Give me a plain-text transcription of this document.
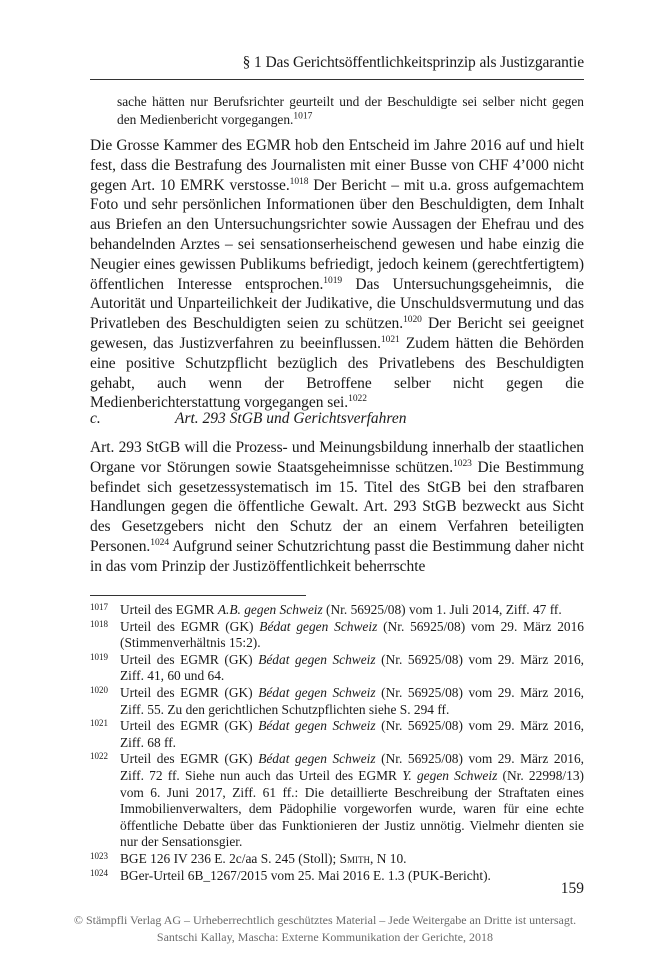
§ 1 Das Gerichtsöffentlichkeitsprinzip als Justizgarantie
sache hätten nur Berufsrichter geurteilt und der Beschuldigte sei selber nicht gegen den Medienbericht vorgegangen.$^{1017}$
Die Grosse Kammer des EGMR hob den Entscheid im Jahre 2016 auf und hielt fest, dass die Bestrafung des Journalisten mit einer Busse von CHF 4’000 nicht gegen Art. 10 EMRK verstosse.$^{1018}$ Der Bericht – mit u.a. gross aufgemachtem Foto und sehr persönlichen Informationen über den Beschuldigten, dem Inhalt aus Briefen an den Untersuchungsrichter sowie Aussagen der Ehefrau und des behandelnden Arztes – sei sensationserheischend gewesen und habe einzig die Neugier eines gewissen Publikums befriedigt, jedoch keinem (gerechtfertigtem) öffentlichen Interesse entsprochen.$^{1019}$ Das Untersuchungsgeheimnis, die Autorität und Unparteilichkeit der Judikative, die Unschuldsvermutung und das Privatleben des Beschuldigten seien zu schützen.$^{1020}$ Der Bericht sei geeignet gewesen, das Justizverfahren zu beeinflussen.$^{1021}$ Zudem hätten die Behörden eine positive Schutzpflicht bezüglich des Privatlebens des Beschuldigten gehabt, auch wenn der Betroffene selber nicht gegen die Medienberichterstattung vorgegangen sei.$^{1022}$
c.	Art. 293 StGB und Gerichtsverfahren
Art. 293 StGB will die Prozess- und Meinungsbildung innerhalb der staatlichen Organe vor Störungen sowie Staatsgeheimnisse schützen.$^{1023}$ Die Bestimmung befindet sich gesetzessystematisch im 15. Titel des StGB bei den strafbaren Handlungen gegen die öffentliche Gewalt. Art. 293 StGB bezweckt aus Sicht des Gesetzgebers nicht den Schutz der an einem Verfahren beteiligten Personen.$^{1024}$ Aufgrund seiner Schutzrichtung passt die Bestimmung daher nicht in das vom Prinzip der Justizöffentlichkeit beherrschte
1017 Urteil des EGMR A.B. gegen Schweiz (Nr. 56925/08) vom 1. Juli 2014, Ziff. 47 ff.
1018 Urteil des EGMR (GK) Bédat gegen Schweiz (Nr. 56925/08) vom 29. März 2016 (Stimmenverhältnis 15:2).
1019 Urteil des EGMR (GK) Bédat gegen Schweiz (Nr. 56925/08) vom 29. März 2016, Ziff. 41, 60 und 64.
1020 Urteil des EGMR (GK) Bédat gegen Schweiz (Nr. 56925/08) vom 29. März 2016, Ziff. 55. Zu den gerichtlichen Schutzpflichten siehe S. 294 ff.
1021 Urteil des EGMR (GK) Bédat gegen Schweiz (Nr. 56925/08) vom 29. März 2016, Ziff. 68 ff.
1022 Urteil des EGMR (GK) Bédat gegen Schweiz (Nr. 56925/08) vom 29. März 2016, Ziff. 72 ff. Siehe nun auch das Urteil des EGMR Y. gegen Schweiz (Nr. 22998/13) vom 6. Juni 2017, Ziff. 61 ff.: Die detaillierte Beschreibung der Straftaten eines Immobilienverwalters, dem Pädophilie vorgeworfen wurde, waren für eine echte öffentliche Debatte über das Funktionieren der Justiz unnötig. Vielmehr dienten sie nur der Sensationsgier.
1023 BGE 126 IV 236 E. 2c/aa S. 245 (Stoll); Smith, N 10.
1024 BGer-Urteil 6B_1267/2015 vom 25. Mai 2016 E. 1.3 (PUK-Bericht).
159
© Stämpfli Verlag AG – Urheberrechtlich geschütztes Material – Jede Weitergabe an Dritte ist untersagt.
Santschi Kallay, Mascha: Externe Kommunikation der Gerichte, 2018
